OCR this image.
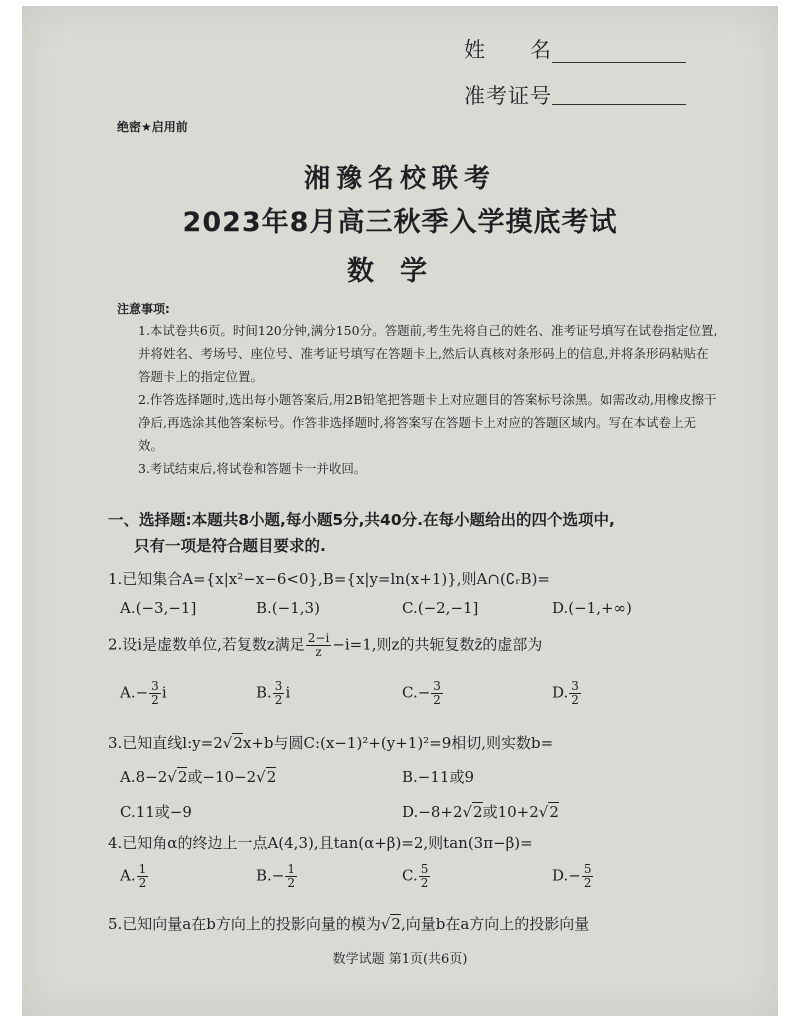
姓　　名
准考证号
绝密★启用前
湘豫名校联考
2023年8月高三秋季入学摸底考试
数学
注意事项:
1.本试卷共6页。时间120分钟,满分150分。答题前,考生先将自己的姓名、准考证号填写在试卷指定位置,并将姓名、考场号、座位号、准考证号填写在答题卡上,然后认真核对条形码上的信息,并将条形码粘贴在答题卡上的指定位置。
2.作答选择题时,选出每小题答案后,用2B铅笔把答题卡上对应题目的答案标号涂黑。如需改动,用橡皮擦干净后,再选涂其他答案标号。作答非选择题时,将答案写在答题卡上对应的答题区域内。写在本试卷上无效。
3.考试结束后,将试卷和答题卡一并收回。
一、选择题:本题共8小题,每小题5分,共40分.在每小题给出的四个选项中,
只有一项是符合题目要求的.
1.已知集合A={x|x²−x−6<0},B={x|y=ln(x+1)},则A∩(∁ᵣB)=
A.(−3,−1]	B.(−1,3)	C.(−2,−1]	D.(−1,+∞)
2.设i是虚数单位,若复数z满足 $\frac{2-i}{z} -i=1$,则z的共轭复数z̄的虚部为
$A.- \frac{3}{2}$ i	B. $\frac{3}{2}$ i	$C.- \frac{3}{2}$	D. $\frac{3}{2}$
3.已知直线l:y=2√2x+b与圆C:(x−1)²+(y+1)²=9相切,则实数b=
A.8−2√2或−10−2√2	B.−11或9
C.11或−9	D.−8+2√2或10+2√2
4.已知角α的终边上一点A(4,3),且tan(α+β)=2,则tan(3π−β)=
A. $\frac{1}{2}$	$B.- \frac{1}{2}$	C. $\frac{5}{2}$	$D.- \frac{5}{2}$
5.已知向量a在b方向上的投影向量的模为√2,向量b在a方向上的投影向量
数学试题 第1页(共6页)
